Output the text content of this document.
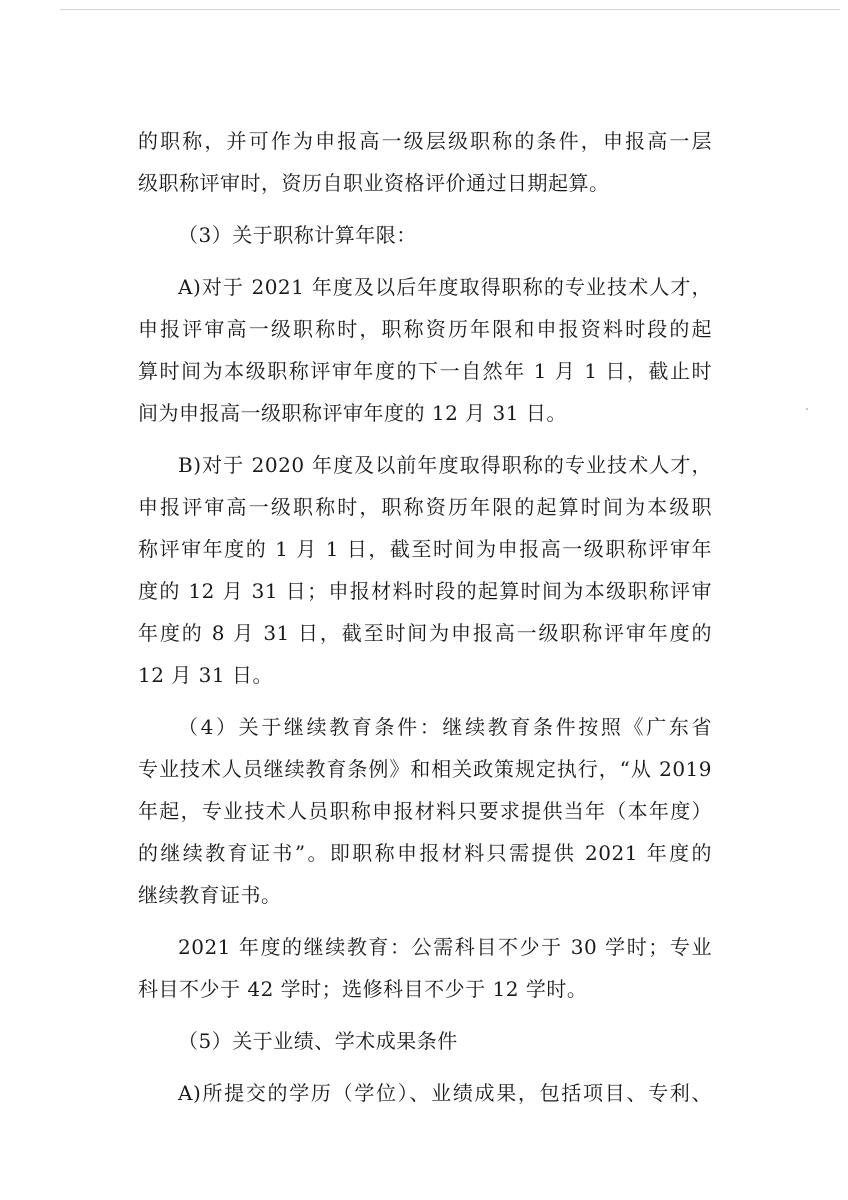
的职称，并可作为申报高一级层级职称的条件，申报高一层
级职称评审时，资历自职业资格评价通过日期起算。
（3）关于职称计算年限：
A)对于 2021 年度及以后年度取得职称的专业技术人才，
申报评审高一级职称时，职称资历年限和申报资料时段的起
算时间为本级职称评审年度的下一自然年 1 月 1 日，截止时
间为申报高一级职称评审年度的 12 月 31 日。
B)对于 2020 年度及以前年度取得职称的专业技术人才，
申报评审高一级职称时，职称资历年限的起算时间为本级职
称评审年度的 1 月 1 日，截至时间为申报高一级职称评审年
度的 12 月 31 日；申报材料时段的起算时间为本级职称评审
年度的 8 月 31 日，截至时间为申报高一级职称评审年度的
12 月 31 日。
（4）关于继续教育条件：继续教育条件按照《广东省
专业技术人员继续教育条例》和相关政策规定执行，“从 2019
年起，专业技术人员职称申报材料只要求提供当年（本年度）
的继续教育证书”。即职称申报材料只需提供 2021 年度的
继续教育证书。
2021 年度的继续教育：公需科目不少于 30 学时；专业
科目不少于 42 学时；选修科目不少于 12 学时。
（5）关于业绩、学术成果条件
A)所提交的学历（学位）、业绩成果，包括项目、专利、
